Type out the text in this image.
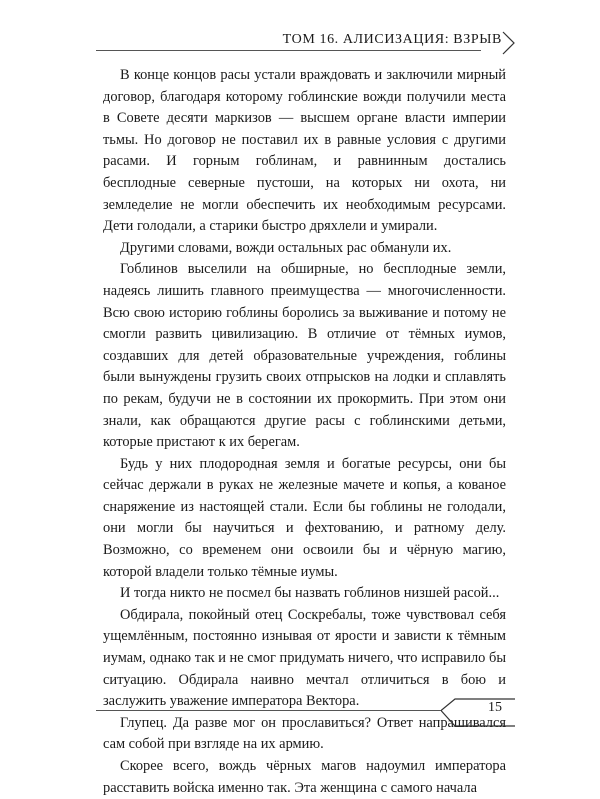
ТОМ 16. АЛИСИЗАЦИЯ: ВЗРЫВ

В конце концов расы устали враждовать и заключили мирный договор, благодаря которому гоблинские вожди получили места в Совете десяти маркизов — высшем органе власти империи тьмы. Но договор не поставил их в равные условия с другими расами. И горным гоблинам, и равнинным достались бесплодные северные пустоши, на которых ни охота, ни земледелие не могли обеспечить их необходимым ресурсами. Дети голодали, а старики быстро дряхлели и умирали.

Другими словами, вожди остальных рас обманули их.

Гоблинов выселили на обширные, но бесплодные земли, надеясь лишить главного преимущества — многочисленности. Всю свою историю гоблины боролись за выживание и потому не смогли развить цивилизацию. В отличие от тёмных иумов, создавших для детей образовательные учреждения, гоблины были вынуждены грузить своих отпрысков на лодки и сплавлять по рекам, будучи не в состоянии их прокормить. При этом они знали, как обращаются другие расы с гоблинскими детьми, которые пристают к их берегам.

Будь у них плодородная земля и богатые ресурсы, они бы сейчас держали в руках не железные мачете и копья, а кованое снаряжение из настоящей стали. Если бы гоблины не голодали, они могли бы научиться и фехтованию, и ратному делу. Возможно, со временем они освоили бы и чёрную магию, которой владели только тёмные иумы.

И тогда никто не посмел бы назвать гоблинов низшей расой...

Обдирала, покойный отец Соскребалы, тоже чувствовал себя ущемлённым, постоянно изнывая от ярости и зависти к тёмным иумам, однако так и не смог придумать ничего, что исправило бы ситуацию. Обдирала наивно мечтал отличиться в бою и заслужить уважение императора Вектора.

Глупец. Да разве мог он прославиться? Ответ напрашивался сам собой при взгляде на их армию.

Скорее всего, вождь чёрных магов надоумил императора расставить войска именно так. Эта женщина с самого начала

15
